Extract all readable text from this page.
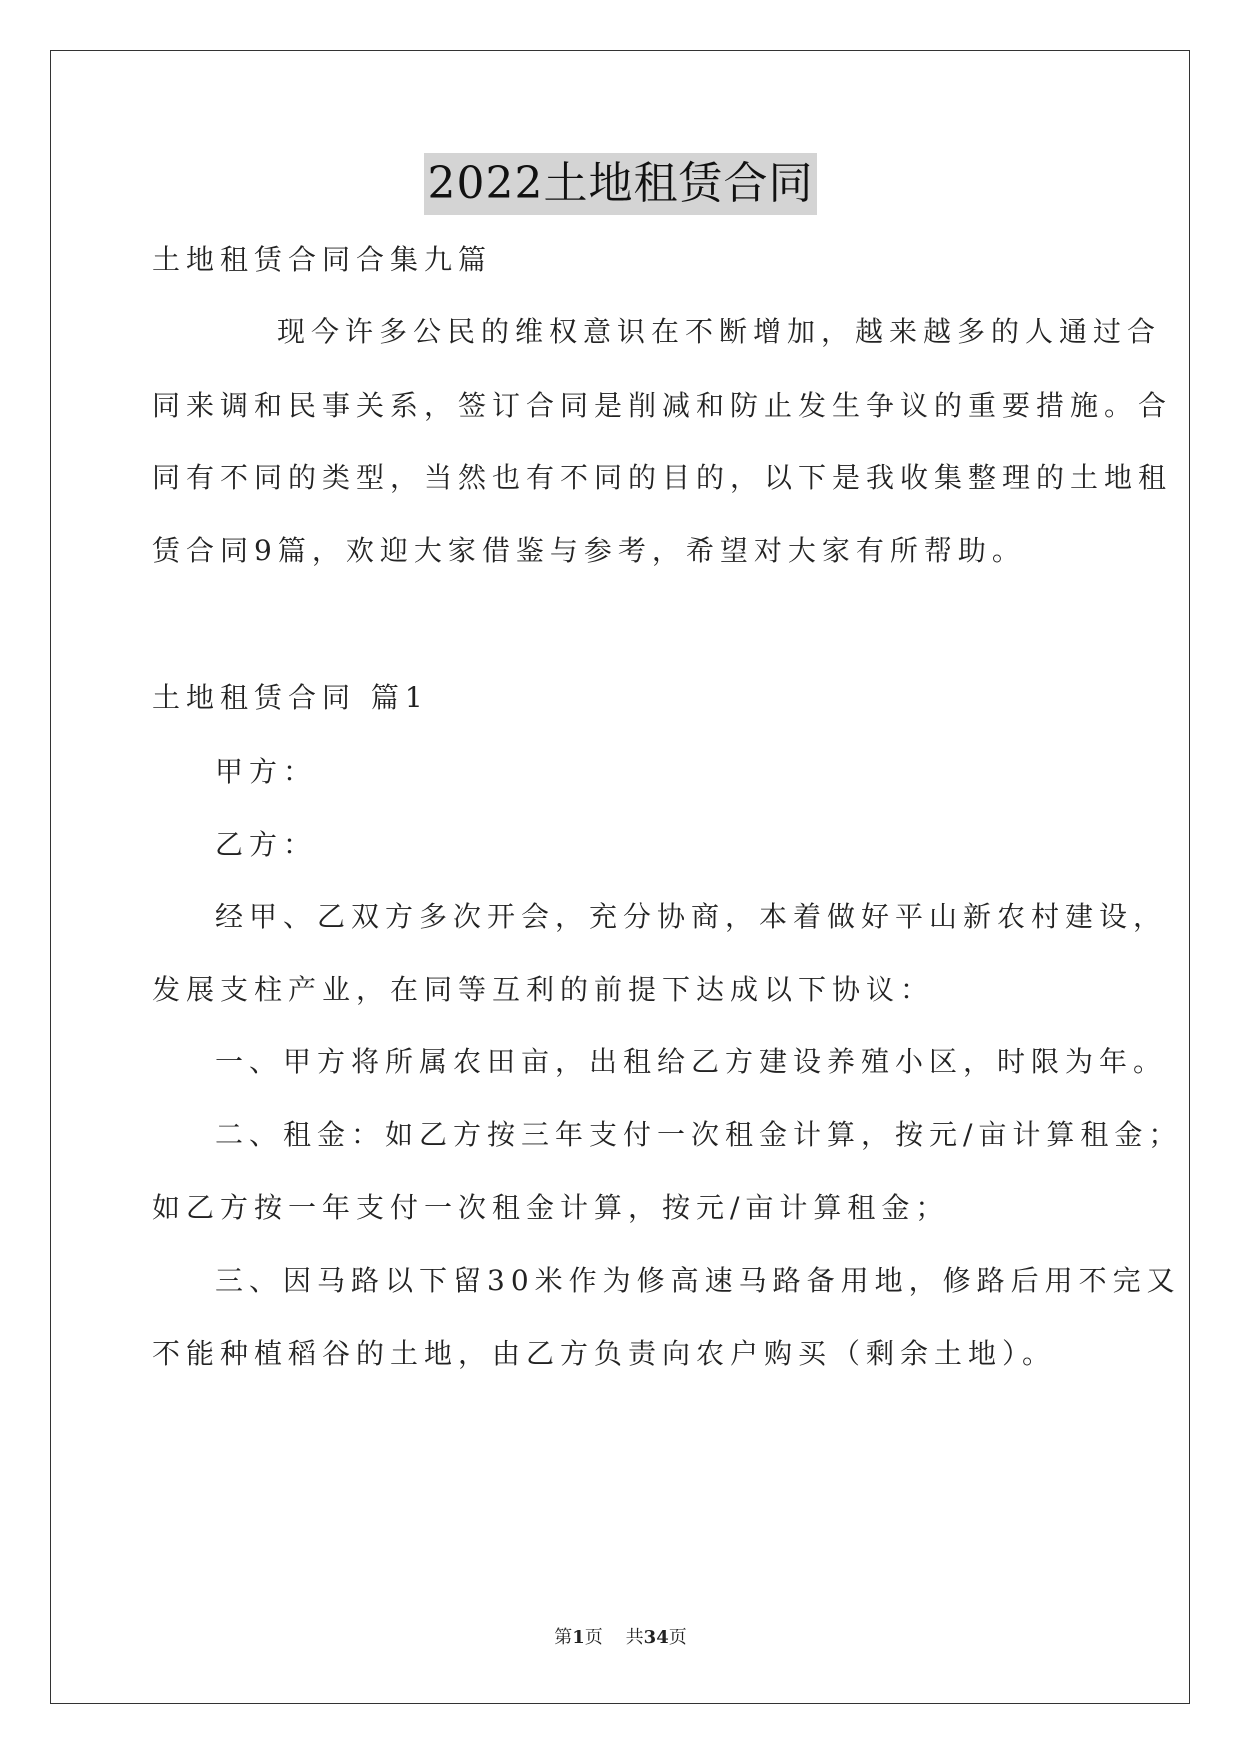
2022土地租赁合同
土地租赁合同合集九篇
现今许多公民的维权意识在不断增加，越来越多的人通过合
同来调和民事关系，签订合同是削减和防止发生争议的重要措施。合
同有不同的类型，当然也有不同的目的，以下是我收集整理的土地租
赁合同9篇，欢迎大家借鉴与参考，希望对大家有所帮助。
土地租赁合同 篇1
甲方：
乙方：
经甲、乙双方多次开会，充分协商，本着做好平山新农村建设，
发展支柱产业，在同等互利的前提下达成以下协议：
一、甲方将所属农田亩，出租给乙方建设养殖小区，时限为年。
二、租金：如乙方按三年支付一次租金计算，按元/亩计算租金；
如乙方按一年支付一次租金计算，按元/亩计算租金；
三、因马路以下留30米作为修高速马路备用地，修路后用不完又
不能种植稻谷的土地，由乙方负责向农户购买（剩余土地）。
第1页 共34页
